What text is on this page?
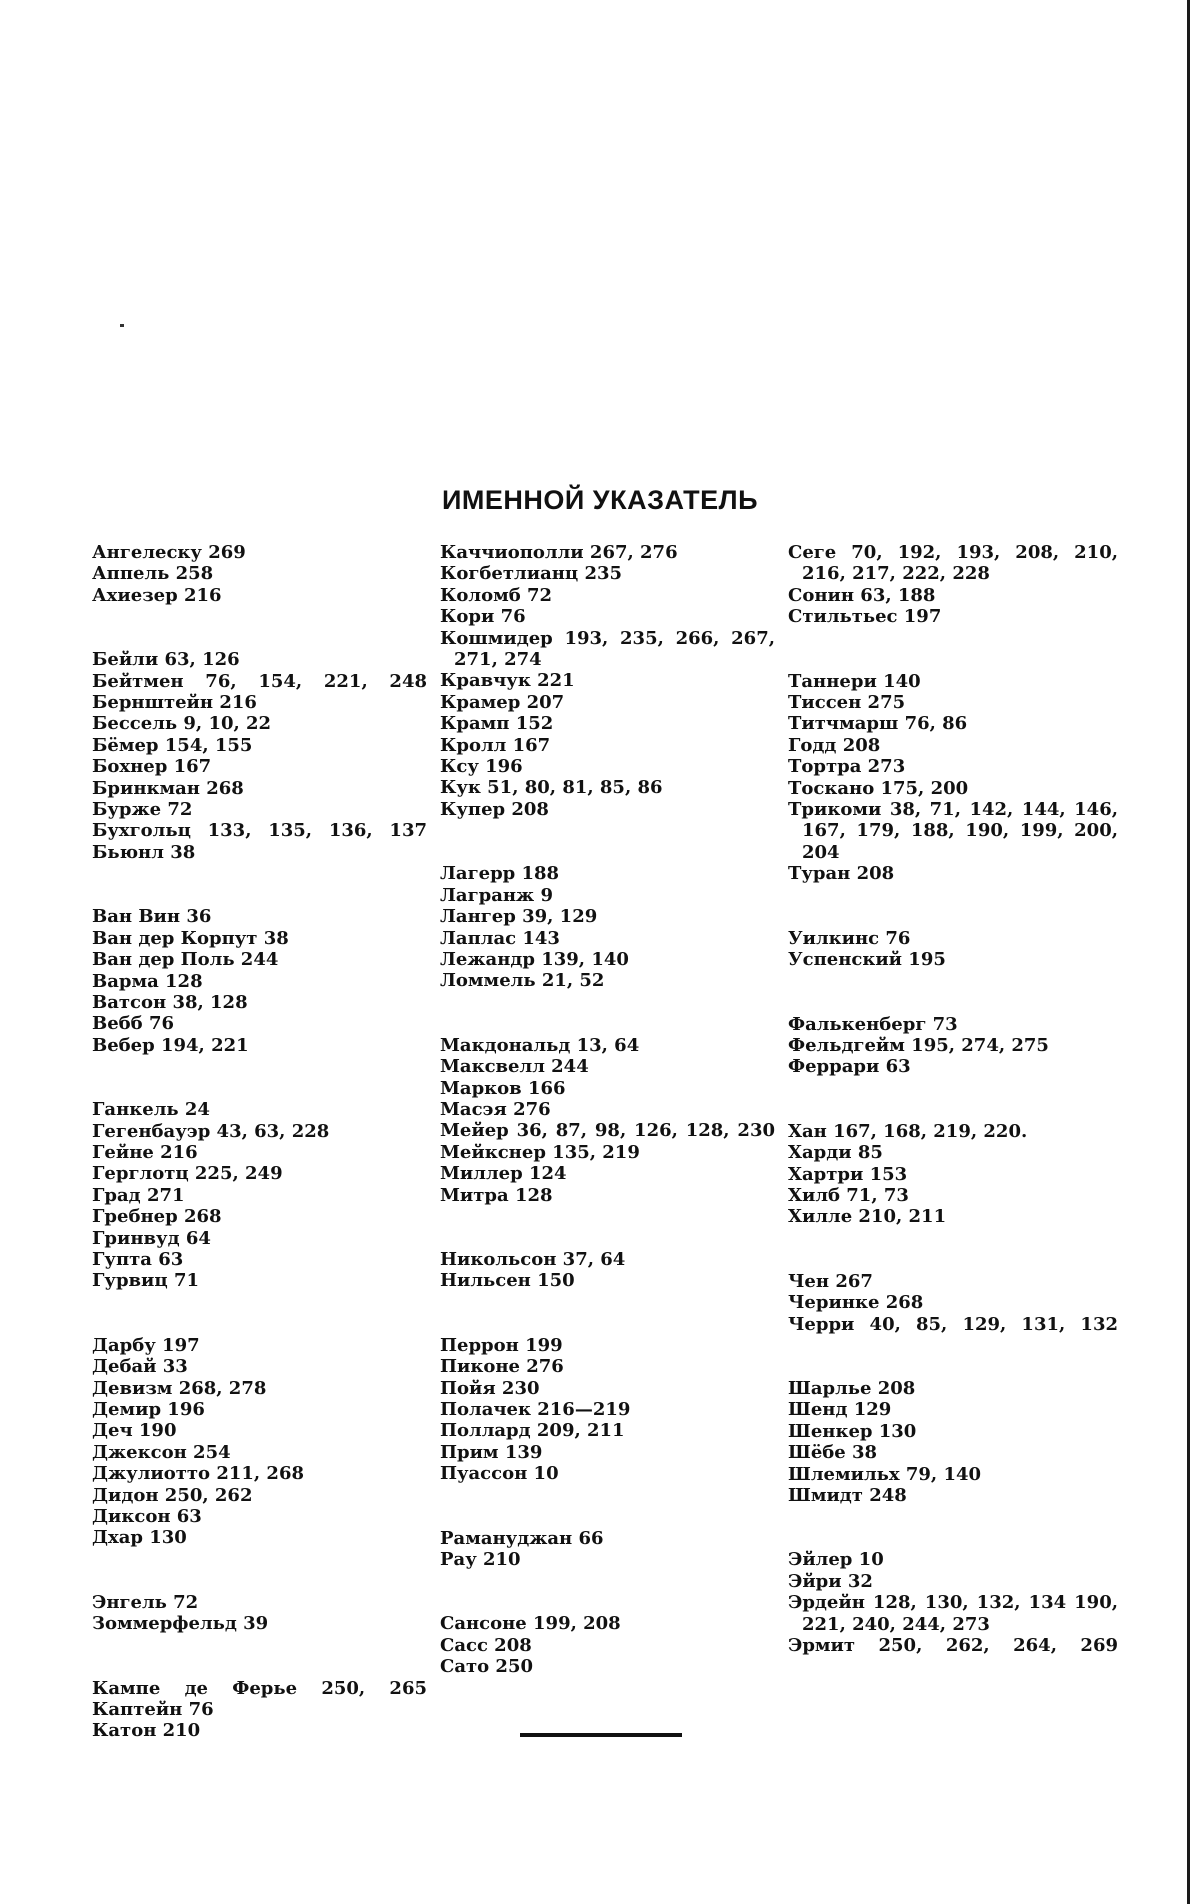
ИМЕННОЙ УКАЗАТЕЛЬ
Ангелеску 269
Аппель 258
Ахиезер 216
Бейли 63, 126
Бейтмен 76, 154, 221, 248
Бернштейн 216
Бессель 9, 10, 22
Бёмер 154, 155
Бохнер 167
Бринкман 268
Бурже 72
Бухгольц 133, 135, 136, 137
Бьюнл 38
Ван Вин 36
Ван дер Корпут 38
Ван дер Поль 244
Варма 128
Ватсон 38, 128
Вебб 76
Вебер 194, 221
Ганкель 24
Гегенбауэр 43, 63, 228
Гейне 216
Герглотц 225, 249
Град 271
Гребнер 268
Гринвуд 64
Гупта 63
Гурвиц 71
Дарбу 197
Дебай 33
Девизм 268, 278
Демир 196
Деч 190
Джексон 254
Джулиотто 211, 268
Дидон 250, 262
Диксон 63
Дхар 130
Энгель 72
Зоммерфельд 39
Кампе де Ферье 250, 265
Каптейн 76
Катон 210
Каччиополли 267, 276
Когбетлианц 235
Коломб 72
Кори 76
Кошмидер 193, 235, 266, 267,
271, 274
Кравчук 221
Крамер 207
Крамп 152
Кролл 167
Ксу 196
Кук 51, 80, 81, 85, 86
Купер 208
Лагерр 188
Лагранж 9
Лангер 39, 129
Лаплас 143
Лежандр 139, 140
Ломмель 21, 52
Макдональд 13, 64
Максвелл 244
Марков 166
Масэя 276
Мейер 36, 87, 98, 126, 128, 230
Мейкснер 135, 219
Миллер 124
Митра 128
Никольсон 37, 64
Нильсен 150
Перрон 199
Пиконе 276
Пойя 230
Полачек 216—219
Поллард 209, 211
Прим 139
Пуассон 10
Рамануджан 66
Рау 210
Сансоне 199, 208
Сасс 208
Сато 250
Сеге 70, 192, 193, 208, 210,
216, 217, 222, 228
Сонин 63, 188
Стильтьес 197
Таннери 140
Тиссен 275
Титчмарш 76, 86
Годд 208
Тортра 273
Тоскано 175, 200
Трикоми 38, 71, 142, 144, 146,
167, 179, 188, 190, 199, 200,
204
Туран 208
Уилкинс 76
Успенский 195
Фалькенберг 73
Фельдгейм 195, 274, 275
Феррари 63
Хан 167, 168, 219, 220.
Харди 85
Хартри 153
Хилб 71, 73
Хилле 210, 211
Чен 267
Черинке 268
Черри 40, 85, 129, 131, 132
Шарлье 208
Шенд 129
Шенкер 130
Шёбе 38
Шлемильх 79, 140
Шмидт 248
Эйлер 10
Эйри 32
Эрдейн 128, 130, 132, 134 190,
221, 240, 244, 273
Эрмит 250, 262, 264, 269
